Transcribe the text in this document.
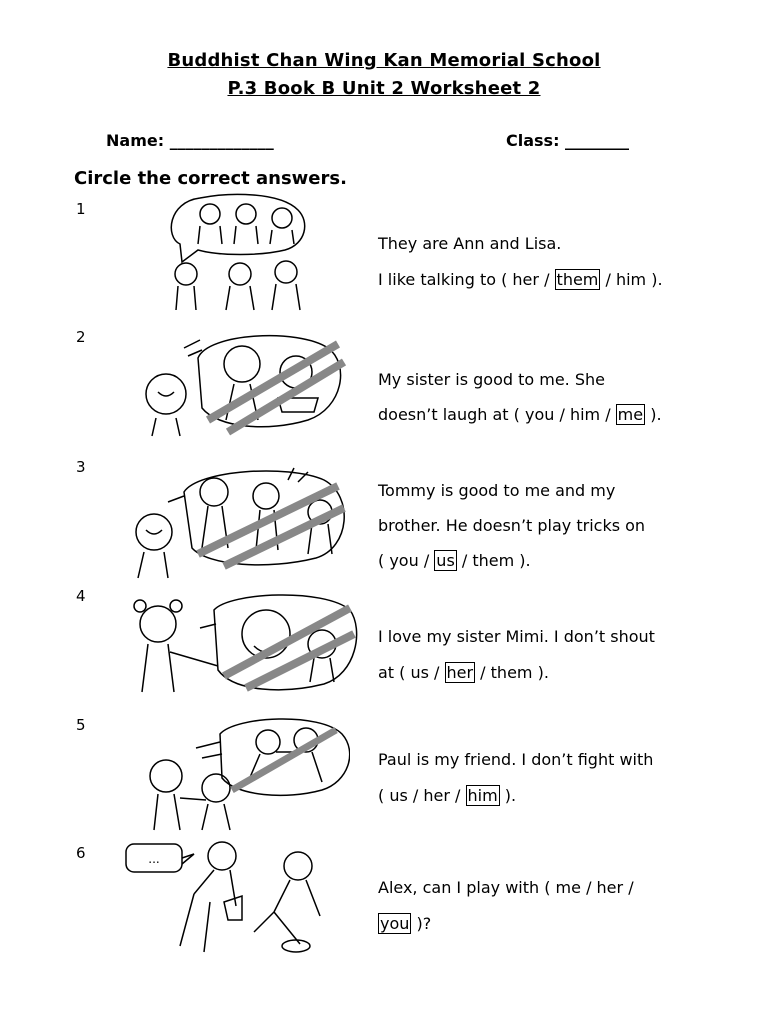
Buddhist Chan Wing Kan Memorial School
P.3 Book B Unit 2 Worksheet 2
Name: _____________	Class: ________
Circle the correct answers.
1
2
3
4
5
6	...
They are Ann and Lisa.
I like talking to ( her / them / him ).
My sister is good to me. She
doesn’t laugh at ( you / him / me ).
Tommy is good to me and my
brother. He doesn’t play tricks on
( you / us / them ).
I love my sister Mimi. I don’t shout
at ( us / her / them ).
Paul is my friend. I don’t fight with
( us / her / him ).
Alex, can I play with ( me / her /
you )?
